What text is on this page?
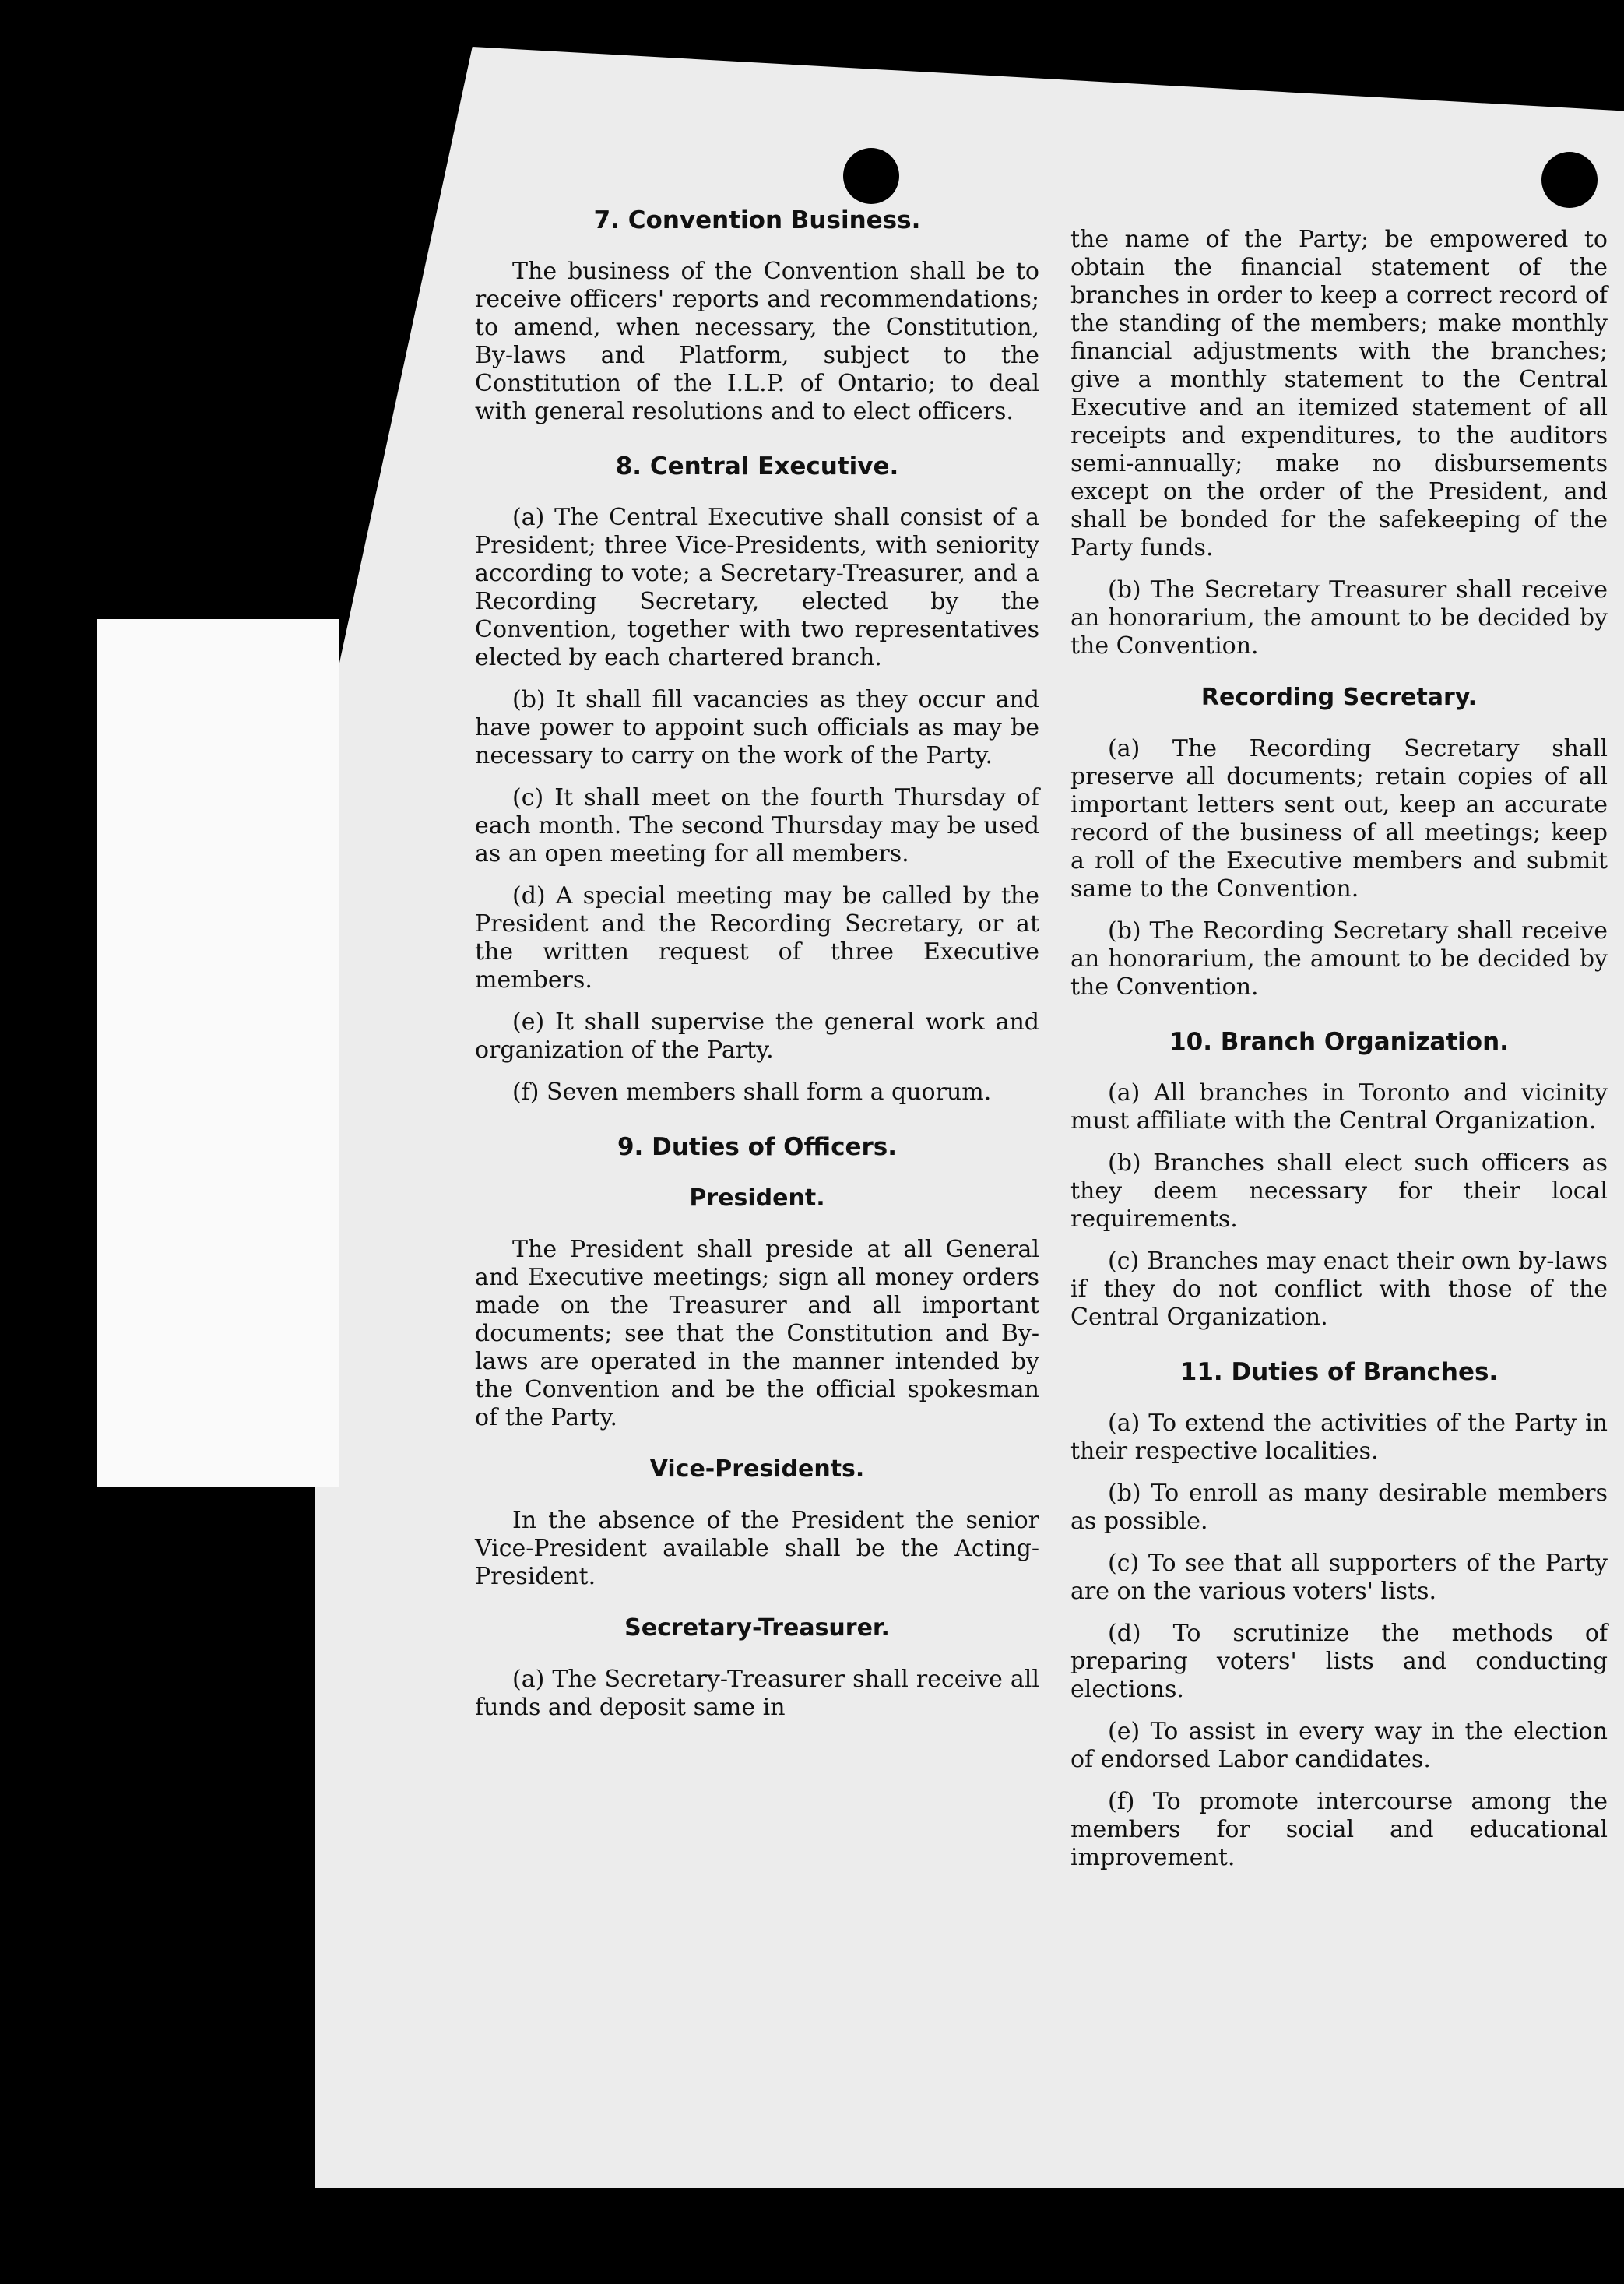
7. Convention Business.

The business of the Convention shall be to receive officers' reports and recommendations; to amend, when necessary, the Constitution, By-laws and Platform, subject to the Constitution of the I.L.P. of Ontario; to deal with general resolutions and to elect officers.

8. Central Executive.

(a) The Central Executive shall consist of a President; three Vice-Presidents, with seniority according to vote; a Secretary-Treasurer, and a Recording Secretary, elected by the Convention, together with two representatives elected by each chartered branch.

(b) It shall fill vacancies as they occur and have power to appoint such officials as may be necessary to carry on the work of the Party.

(c) It shall meet on the fourth Thursday of each month. The second Thursday may be used as an open meeting for all members.

(d) A special meeting may be called by the President and the Recording Secretary, or at the written request of three Executive members.

(e) It shall supervise the general work and organization of the Party.

(f) Seven members shall form a quorum.

9. Duties of Officers.
President.

The President shall preside at all General and Executive meetings; sign all money orders made on the Treasurer and all important documents; see that the Constitution and By-laws are operated in the manner intended by the Convention and be the official spokesman of the Party.

Vice-Presidents.

In the absence of the President the senior Vice-President available shall be the Acting-President.

Secretary-Treasurer.

(a) The Secretary-Treasurer shall receive all funds and deposit same in

the name of the Party; be empowered to obtain the financial statement of the branches in order to keep a correct record of the standing of the members; make monthly financial adjustments with the branches; give a monthly statement to the Central Executive and an itemized statement of all receipts and expenditures, to the auditors semi-annually; make no disbursements except on the order of the President, and shall be bonded for the safekeeping of the Party funds.

(b) The Secretary Treasurer shall receive an honorarium, the amount to be decided by the Convention.

Recording Secretary.

(a) The Recording Secretary shall preserve all documents; retain copies of all important letters sent out, keep an accurate record of the business of all meetings; keep a roll of the Executive members and submit same to the Convention.

(b) The Recording Secretary shall receive an honorarium, the amount to be decided by the Convention.

10. Branch Organization.

(a) All branches in Toronto and vicinity must affiliate with the Central Organization.

(b) Branches shall elect such officers as they deem necessary for their local requirements.

(c) Branches may enact their own by-laws if they do not conflict with those of the Central Organization.

11. Duties of Branches.

(a) To extend the activities of the Party in their respective localities.

(b) To enroll as many desirable members as possible.

(c) To see that all supporters of the Party are on the various voters' lists.

(d) To scrutinize the methods of preparing voters' lists and conducting elections.

(e) To assist in every way in the election of endorsed Labor candidates.

(f) To promote intercourse among the members for social and educational improvement.
